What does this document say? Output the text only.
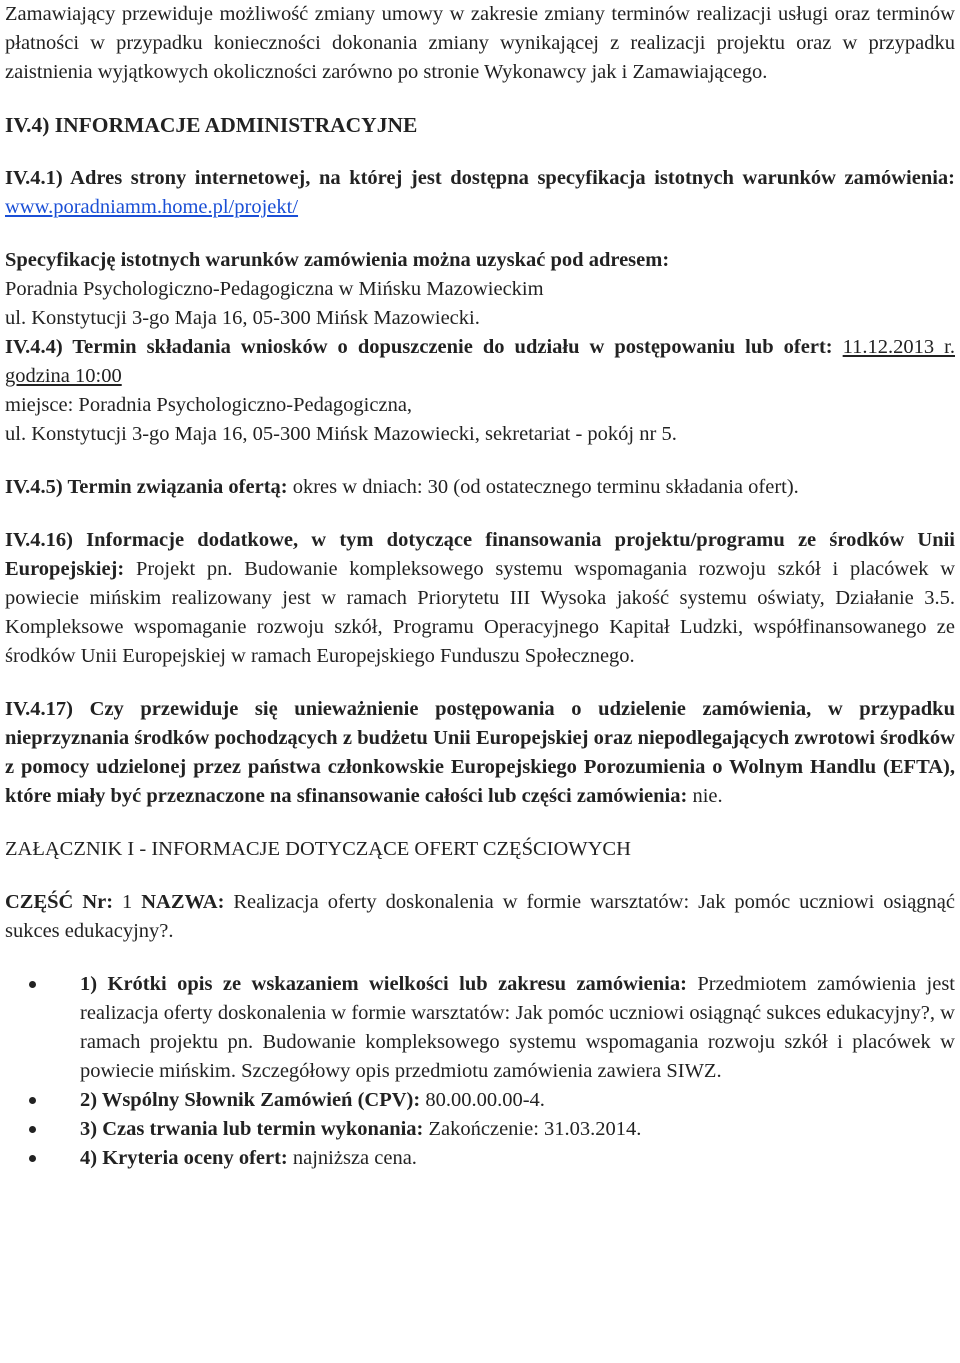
Zamawiający przewiduje możliwość zmiany umowy w zakresie zmiany terminów realizacji usługi oraz terminów płatności w przypadku konieczności dokonania zmiany wynikającej z realizacji projektu oraz w przypadku zaistnienia wyjątkowych okoliczności zarówno po stronie Wykonawcy jak i Zamawiającego.

IV.4) INFORMACJE ADMINISTRACYJNE

IV.4.1) Adres strony internetowej, na której jest dostępna specyfikacja istotnych warunków zamówienia: www.poradniamm.home.pl/projekt/

Specyfikację istotnych warunków zamówienia można uzyskać pod adresem:

Poradnia Psychologiczno-Pedagogiczna w Mińsku Mazowieckim

ul. Konstytucji 3-go Maja 16, 05-300 Mińsk Mazowiecki.

IV.4.4) Termin składania wniosków o dopuszczenie do udziału w postępowaniu lub ofert: 11.12.2013 r. godzina 10:00

miejsce: Poradnia Psychologiczno-Pedagogiczna,

ul. Konstytucji 3-go Maja 16, 05-300 Mińsk Mazowiecki, sekretariat - pokój nr 5.

IV.4.5) Termin związania ofertą: okres w dniach: 30 (od ostatecznego terminu składania ofert).

IV.4.16) Informacje dodatkowe, w tym dotyczące finansowania projektu/programu ze środków Unii Europejskiej: Projekt pn. Budowanie kompleksowego systemu wspomagania rozwoju szkół i placówek w powiecie mińskim realizowany jest w ramach Priorytetu III Wysoka jakość systemu oświaty, Działanie 3.5. Kompleksowe wspomaganie rozwoju szkół, Programu Operacyjnego Kapitał Ludzki, współfinansowanego ze środków Unii Europejskiej w ramach Europejskiego Funduszu Społecznego.

IV.4.17) Czy przewiduje się unieważnienie postępowania o udzielenie zamówienia, w przypadku nieprzyznania środków pochodzących z budżetu Unii Europejskiej oraz niepodlegających zwrotowi środków z pomocy udzielonej przez państwa członkowskie Europejskiego Porozumienia o Wolnym Handlu (EFTA), które miały być przeznaczone na sfinansowanie całości lub części zamówienia: nie.

ZAŁĄCZNIK I - INFORMACJE DOTYCZĄCE OFERT CZĘŚCIOWYCH

CZĘŚĆ Nr: 1 NAZWA: Realizacja oferty doskonalenia w formie warsztatów: Jak pomóc uczniowi osiągnąć sukces edukacyjny?.

1) Krótki opis ze wskazaniem wielkości lub zakresu zamówienia: Przedmiotem zamówienia jest realizacja oferty doskonalenia w formie warsztatów: Jak pomóc uczniowi osiągnąć sukces edukacyjny?, w ramach projektu pn. Budowanie kompleksowego systemu wspomagania rozwoju szkół i placówek w powiecie mińskim. Szczegółowy opis przedmiotu zamówienia zawiera SIWZ.
2) Wspólny Słownik Zamówień (CPV): 80.00.00.00-4.
3) Czas trwania lub termin wykonania: Zakończenie: 31.03.2014.
4) Kryteria oceny ofert: najniższa cena.
